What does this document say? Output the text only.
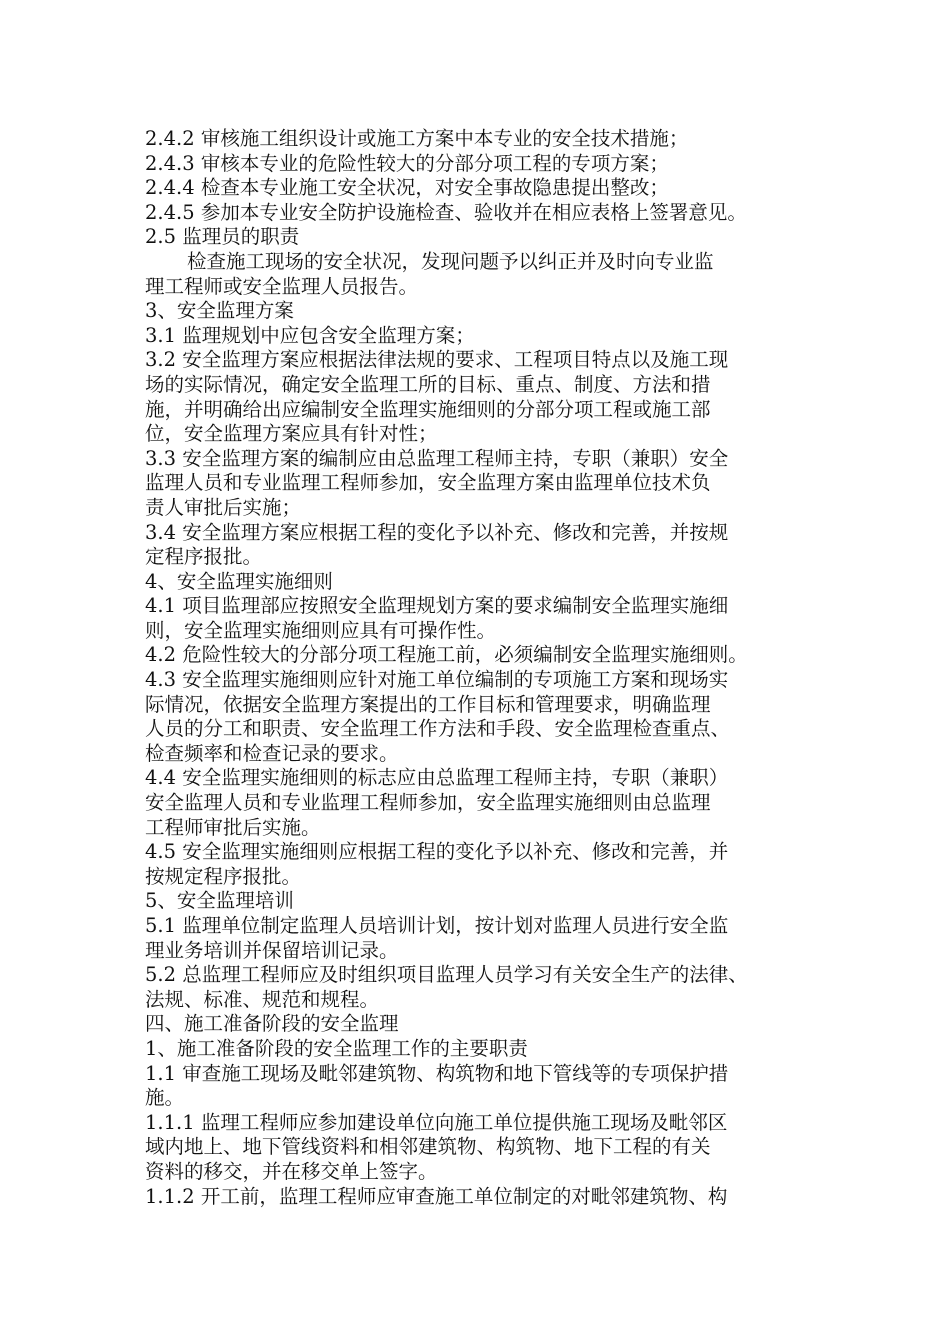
2.4.2 审核施工组织设计或施工方案中本专业的安全技术措施；
2.4.3 审核本专业的危险性较大的分部分项工程的专项方案；
2.4.4 检查本专业施工安全状况，对安全事故隐患提出整改；
2.4.5 参加本专业安全防护设施检查、验收并在相应表格上签署意见。
2.5 监理员的职责
检查施工现场的安全状况，发现问题予以纠正并及时向专业监
理工程师或安全监理人员报告。
3、安全监理方案
3.1 监理规划中应包含安全监理方案；
3.2 安全监理方案应根据法律法规的要求、工程项目特点以及施工现
场的实际情况，确定安全监理工所的目标、重点、制度、方法和措
施，并明确给出应编制安全监理实施细则的分部分项工程或施工部
位，安全监理方案应具有针对性；
3.3 安全监理方案的编制应由总监理工程师主持，专职（兼职）安全
监理人员和专业监理工程师参加，安全监理方案由监理单位技术负
责人审批后实施；
3.4 安全监理方案应根据工程的变化予以补充、修改和完善，并按规
定程序报批。
4、安全监理实施细则
4.1 项目监理部应按照安全监理规划方案的要求编制安全监理实施细
则，安全监理实施细则应具有可操作性。
4.2 危险性较大的分部分项工程施工前，必须编制安全监理实施细则。
4.3 安全监理实施细则应针对施工单位编制的专项施工方案和现场实
际情况，依据安全监理方案提出的工作目标和管理要求，明确监理
人员的分工和职责、安全监理工作方法和手段、安全监理检查重点、
检查频率和检查记录的要求。
4.4 安全监理实施细则的标志应由总监理工程师主持，专职（兼职）
安全监理人员和专业监理工程师参加，安全监理实施细则由总监理
工程师审批后实施。
4.5 安全监理实施细则应根据工程的变化予以补充、修改和完善，并
按规定程序报批。
5、安全监理培训
5.1 监理单位制定监理人员培训计划，按计划对监理人员进行安全监
理业务培训并保留培训记录。
5.2 总监理工程师应及时组织项目监理人员学习有关安全生产的法律、
法规、标准、规范和规程。
四、施工准备阶段的安全监理
1、施工准备阶段的安全监理工作的主要职责
1.1 审查施工现场及毗邻建筑物、构筑物和地下管线等的专项保护措
施。
1.1.1 监理工程师应参加建设单位向施工单位提供施工现场及毗邻区
域内地上、地下管线资料和相邻建筑物、构筑物、地下工程的有关
资料的移交，并在移交单上签字。
1.1.2 开工前，监理工程师应审查施工单位制定的对毗邻建筑物、构
